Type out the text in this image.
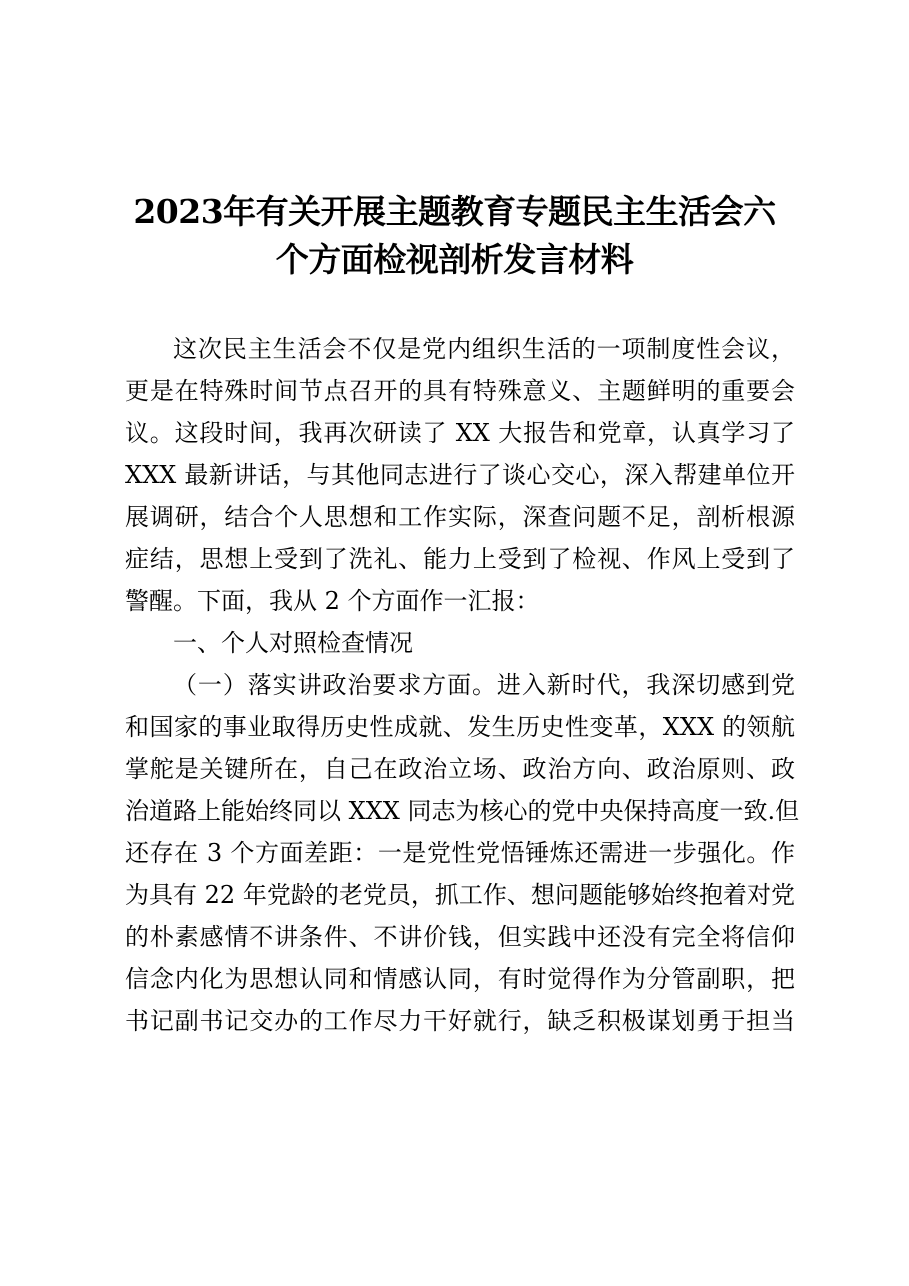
2023年有关开展主题教育专题民主生活会六
个方面检视剖析发言材料
这次民主生活会不仅是党内组织生活的一项制度性会议，
更是在特殊时间节点召开的具有特殊意义、主题鲜明的重要会
议。这段时间，我再次研读了 XX 大报告和党章，认真学习了
XXX 最新讲话，与其他同志进行了谈心交心，深入帮建单位开
展调研，结合个人思想和工作实际，深查问题不足，剖析根源
症结，思想上受到了洗礼、能力上受到了检视、作风上受到了
警醒。下面，我从 2 个方面作一汇报：
一、个人对照检查情况
（一）落实讲政治要求方面。进入新时代，我深切感到党
和国家的事业取得历史性成就、发生历史性变革，XXX 的领航
掌舵是关键所在，自己在政治立场、政治方向、政治原则、政
治道路上能始终同以 XXX 同志为核心的党中央保持高度一致.但
还存在 3 个方面差距：一是党性党悟锤炼还需进一步强化。作
为具有 22 年党龄的老党员，抓工作、想问题能够始终抱着对党
的朴素感情不讲条件、不讲价钱，但实践中还没有完全将信仰
信念内化为思想认同和情感认同，有时觉得作为分管副职，把
书记副书记交办的工作尽力干好就行，缺乏积极谋划勇于担当
